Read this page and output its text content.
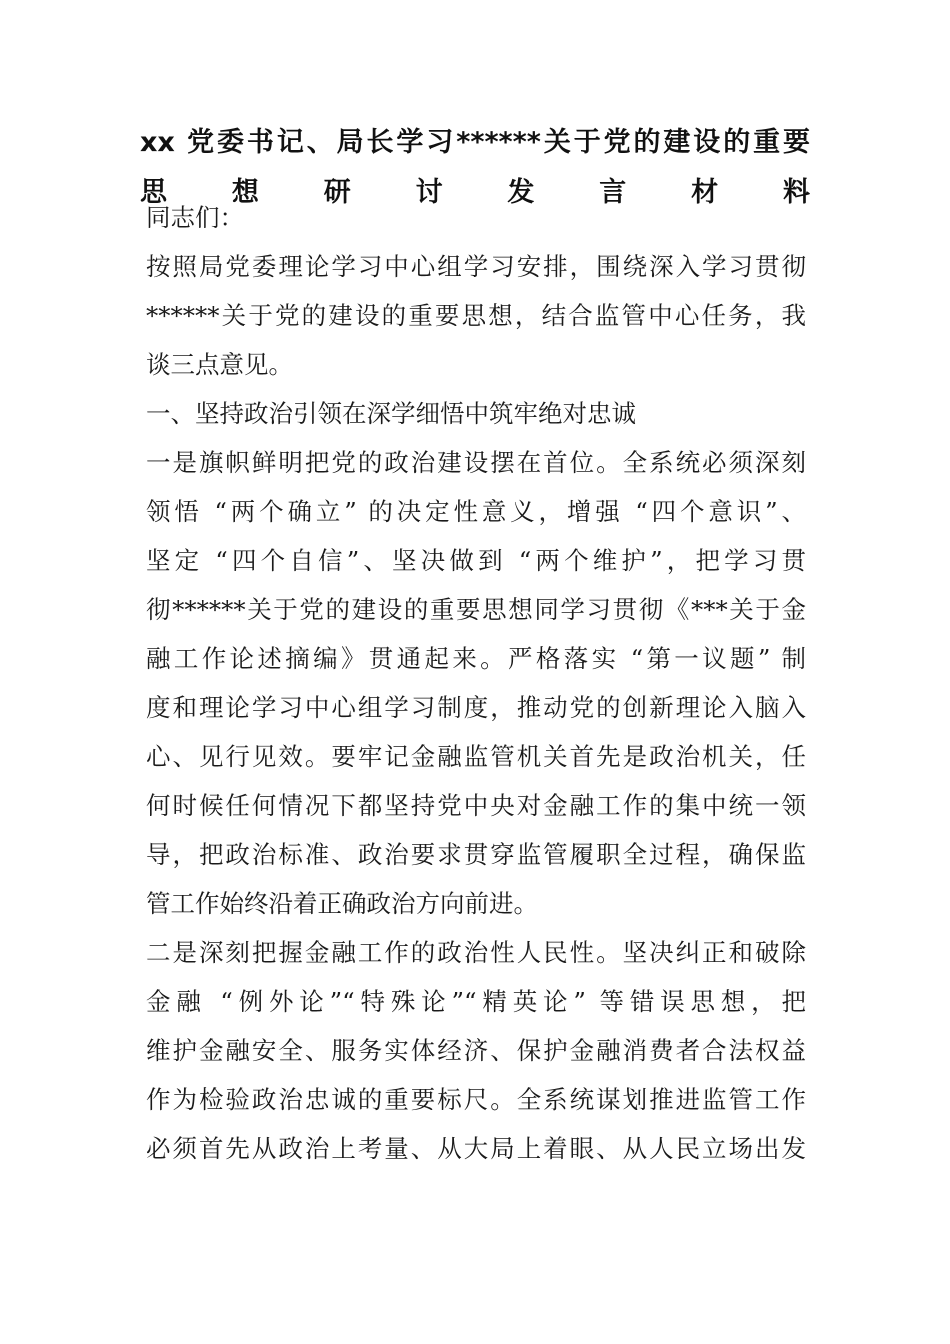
xx 党委书记、局长学习******关于党的建设的重要
思想研讨发言材料
同志们：
按照局党委理论学习中心组学习安排，围绕深入学习贯彻
******关于党的建设的重要思想，结合监管中心任务，我
谈三点意见。
一、坚持政治引领在深学细悟中筑牢绝对忠诚
一是旗帜鲜明把党的政治建设摆在首位。全系统必须深刻
领悟 “两个确立” 的决定性意义，增强 “四个意识”、
坚定 “四个自信”、坚决做到 “两个维护”，把学习贯
彻******关于党的建设的重要思想同学习贯彻《***关于金
融工作论述摘编》贯通起来。严格落实 “第一议题” 制
度和理论学习中心组学习制度，推动党的创新理论入脑入
心、见行见效。要牢记金融监管机关首先是政治机关，任
何时候任何情况下都坚持党中央对金融工作的集中统一领
导，把政治标准、政治要求贯穿监管履职全过程，确保监
管工作始终沿着正确政治方向前进。
二是深刻把握金融工作的政治性人民性。坚决纠正和破除
金融 “例外论”“特殊论”“精英论” 等错误思想，把
维护金融安全、服务实体经济、保护金融消费者合法权益
作为检验政治忠诚的重要标尺。全系统谋划推进监管工作
必须首先从政治上考量、从大局上着眼、从人民立场出发
